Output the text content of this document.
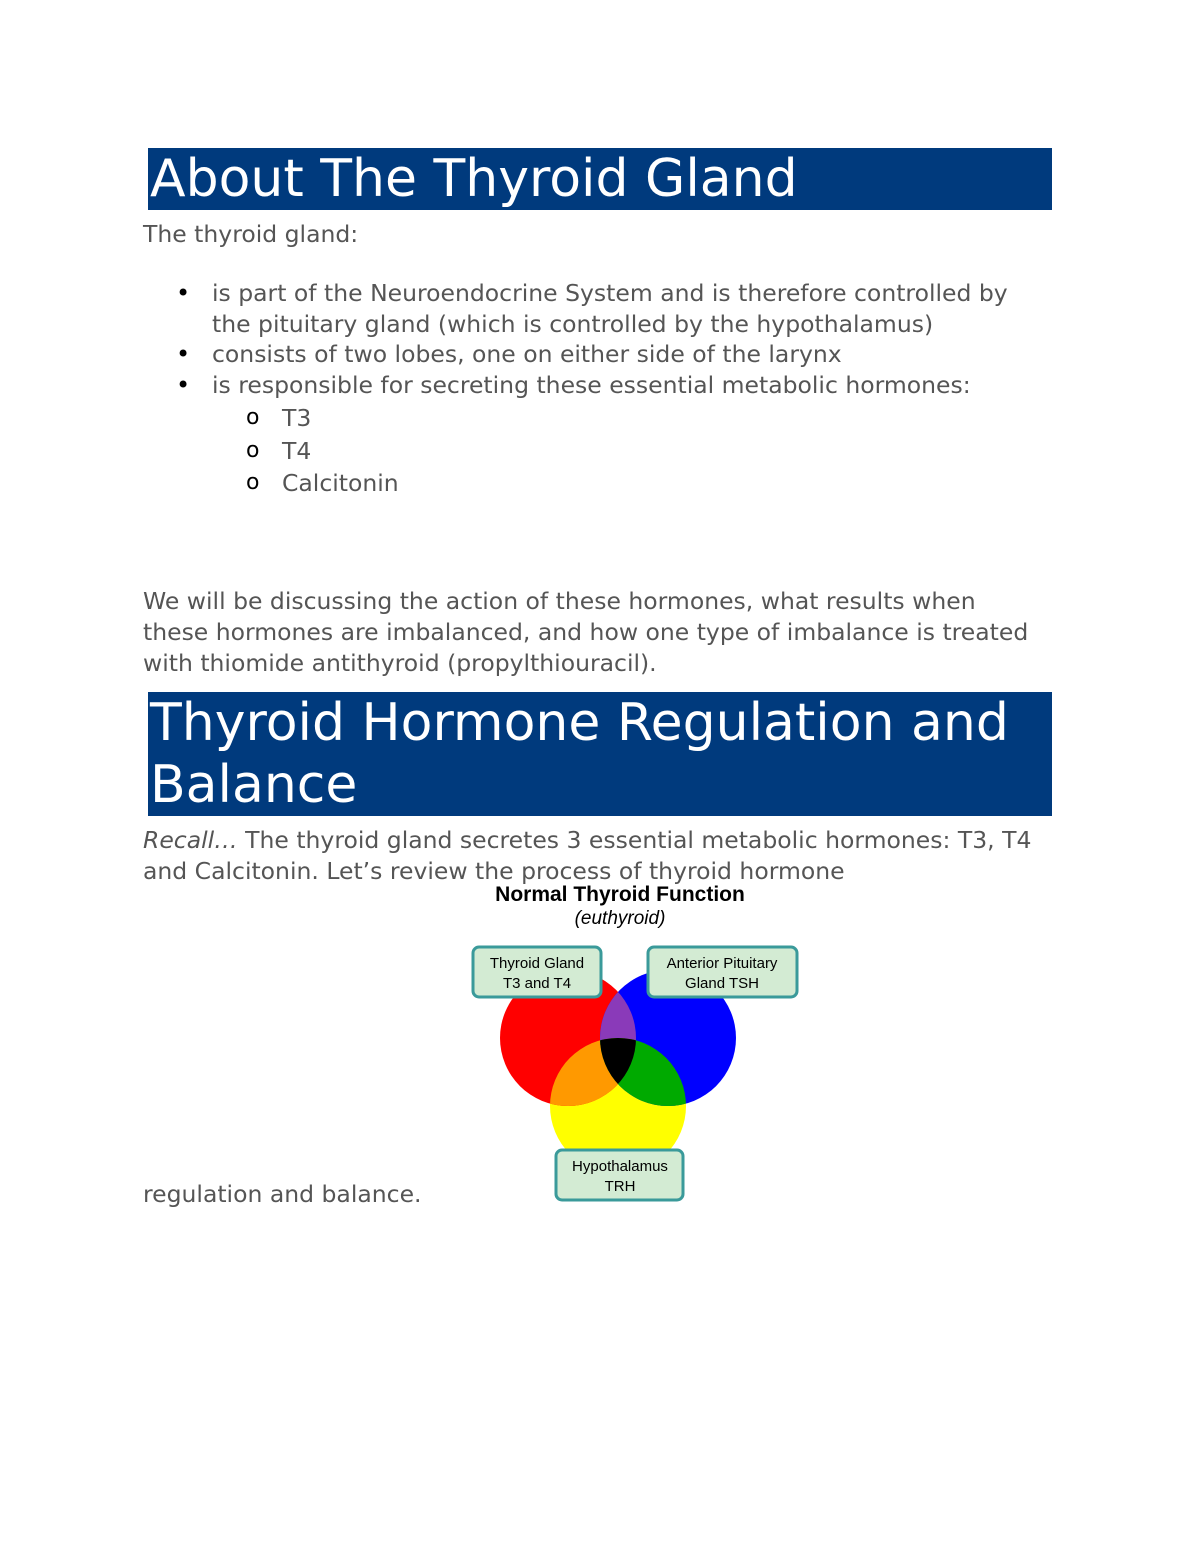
About The Thyroid Gland

The thyroid gland:

• is part of the Neuroendocrine System and is therefore controlled by the pituitary gland (which is controlled by the hypothalamus)
• consists of two lobes, one on either side of the larynx
• is responsible for secreting these essential metabolic hormones:
o T3
o T4
o Calcitonin

We will be discussing the action of these hormones, what results when these hormones are imbalanced, and how one type of imbalance is treated with thiomide antithyroid (propylthiouracil).

Thyroid Hormone Regulation and Balance

Recall… The thyroid gland secretes 3 essential metabolic hormones: T3, T4 and Calcitonin. Let’s review the process of thyroid hormone

regulation and balance.

Normal Thyroid Function
(euthyroid)
Thyroid Gland
T3 and T4
Anterior Pituitary
Gland TSH
Hypothalamus
TRH
